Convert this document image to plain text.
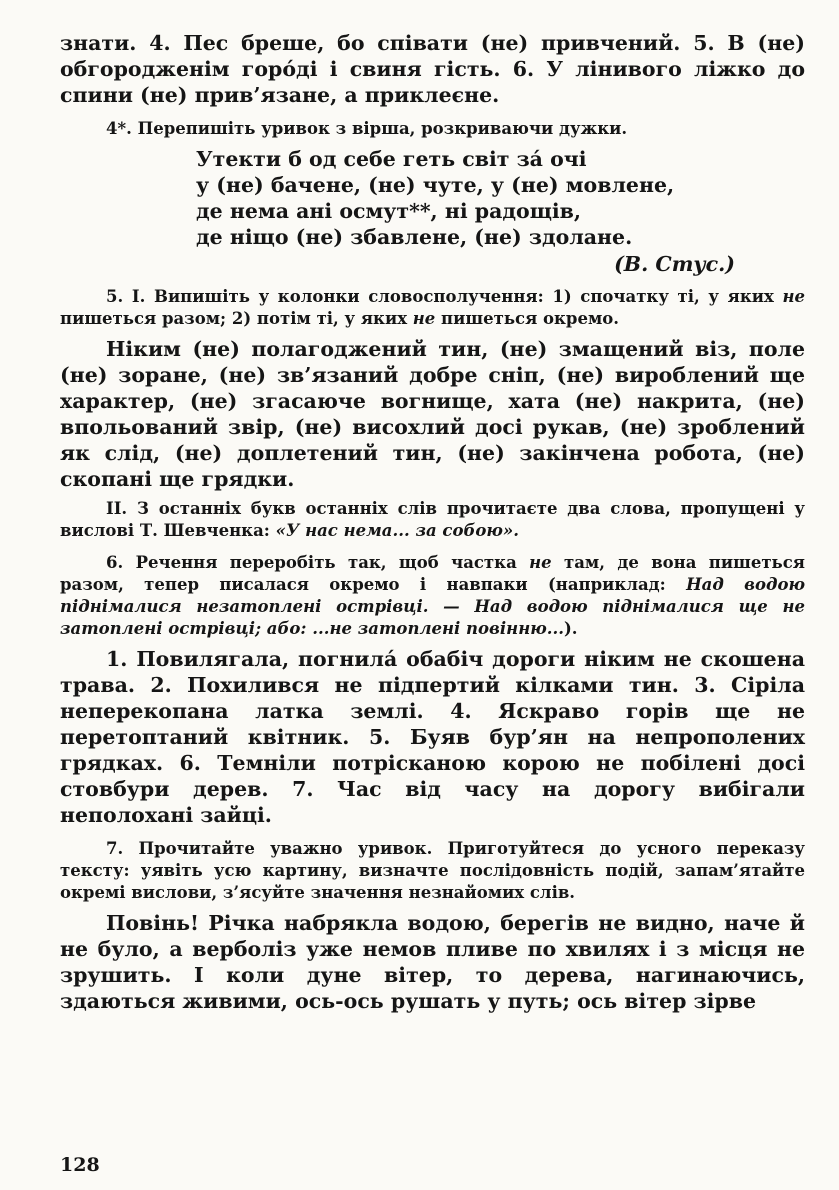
знати. 4. Пес бреше, бо співати (не) привчений. 5. В (не) обгородженім горо́ді і свиня гість. 6. У лінивого ліжко до спини (не) прив’язане, а приклеєне.

4*. Перепишіть уривок з вірша, розкриваючи дужки.

Утекти б од себе геть світ за́ очі
у (не) бачене, (не) чуте, у (не) мовлене,
де нема ані осмут**, ні радощів,
де ніщо (не) збавлене, (не) здолане.
(В. Стус.)

5. I. Випишіть у колонки словосполучення: 1) спочатку ті, у яких не пишеться разом; 2) потім ті, у яких не пишеться окремо.

Ніким (не) полагоджений тин, (не) змащений віз, поле (не) зоране, (не) зв’язаний добре сніп, (не) вироблений ще характер, (не) згасаюче вогнище, хата (не) накрита, (не) впольований звір, (не) висохлий досі рукав, (не) зроблений як слід, (не) доплетений тин, (не) закінчена робота, (не) скопані ще грядки.

II. З останніх букв останніх слів прочитаєте два слова, пропущені у вислові Т. Шевченка: «У нас нема... за собою».

6. Речення переробіть так, щоб частка не там, де вона пишеться разом, тепер писалася окремо і навпаки (наприклад: Над водою піднімалися незатоплені острівці. — Над водою піднімалися ще не затоплені острівці; або: ...не затоплені повінню...).

1. Повилягала, погнила́ обабіч дороги ніким не скошена трава. 2. Похилився не підпертий кілками тин. 3. Сіріла неперекопана латка землі. 4. Яскраво горів ще не перетоптаний квітник. 5. Буяв бур’ян на непрополених грядках. 6. Темніли потрісканою корою не побілені досі стовбури дерев. 7. Час від часу на дорогу вибігали неполохані зайці.

7. Прочитайте уважно уривок. Приготуйтеся до усного переказу тексту: уявіть усю картину, визначте послідовність подій, запам’ятайте окремі вислови, з’ясуйте значення незнайомих слів.

Повінь! Річка набрякла водою, берегів не видно, наче й не було, а верболіз уже немов пливе по хвилях і з місця не зрушить. І коли дуне вітер, то дерева, нагинаючись, здаються живими, ось-ось рушать у путь; ось вітер зірве

128
